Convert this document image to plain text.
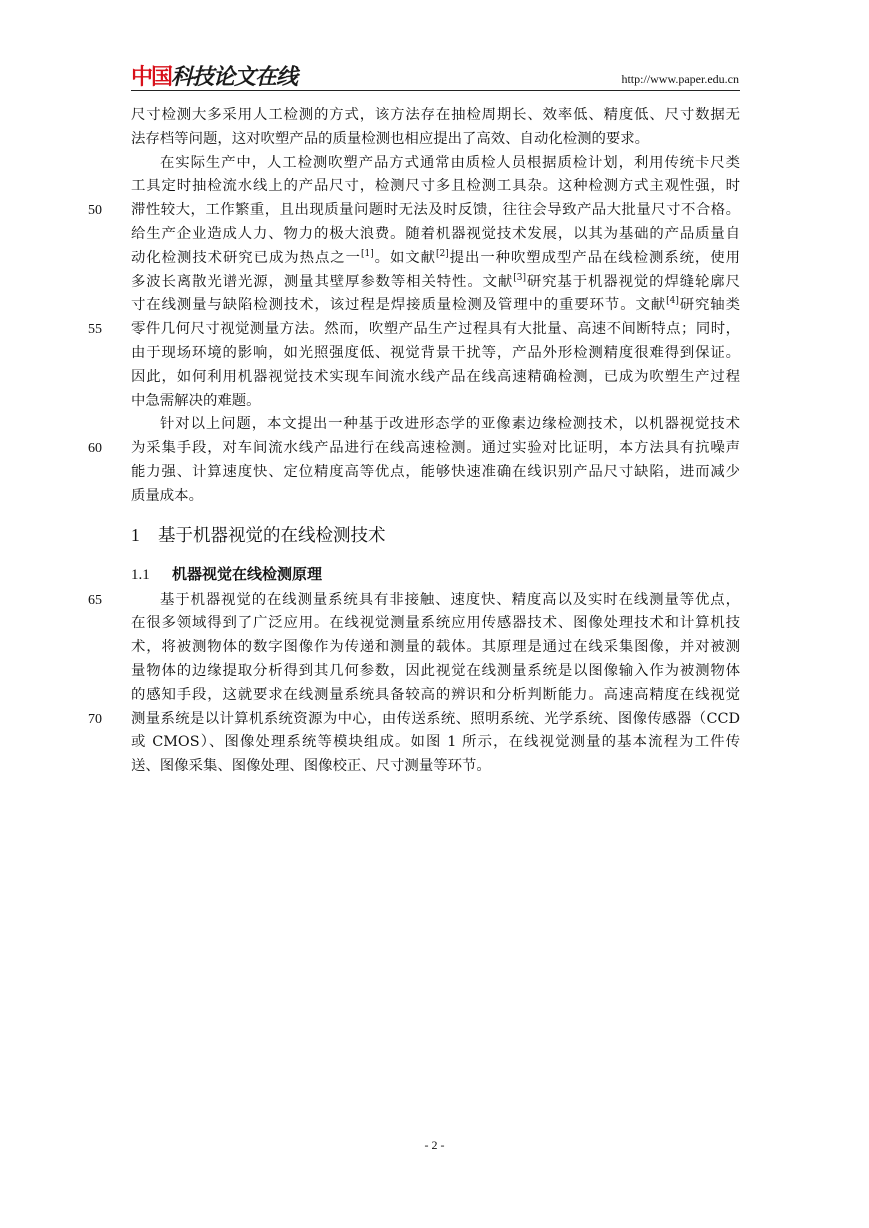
中国 科技论文在线	http://www.paper.edu.cn
尺寸检测大多采用人工检测的方式，该方法存在抽检周期长、效率低、精度低、尺寸数据无
法存档等问题，这对吹塑产品的质量检测也相应提出了高效、自动化检测的要求。
在实际生产中，人工检测吹塑产品方式通常由质检人员根据质检计划，利用传统卡尺类
工具定时抽检流水线上的产品尺寸，检测尺寸多且检测工具杂。这种检测方式主观性强，时
50	滞性较大，工作繁重，且出现质量问题时无法及时反馈，往往会导致产品大批量尺寸不合格。
给生产企业造成人力、物力的极大浪费。随着机器视觉技术发展，以其为基础的产品质量自
动化检测技术研究已成为热点之一[1]。如文献[2]提出一种吹塑成型产品在线检测系统，使用
多波长离散光谱光源，测量其壁厚参数等相关特性。文献[3]研究基于机器视觉的焊缝轮廓尺
寸在线测量与缺陷检测技术，该过程是焊接质量检测及管理中的重要环节。文献[4]研究轴类
55	零件几何尺寸视觉测量方法。然而，吹塑产品生产过程具有大批量、高速不间断特点；同时，
由于现场环境的影响，如光照强度低、视觉背景干扰等，产品外形检测精度很难得到保证。
因此，如何利用机器视觉技术实现车间流水线产品在线高速精确检测，已成为吹塑生产过程
中急需解决的难题。
针对以上问题，本文提出一种基于改进形态学的亚像素边缘检测技术，以机器视觉技术
60	为采集手段，对车间流水线产品进行在线高速检测。通过实验对比证明，本方法具有抗噪声
能力强、计算速度快、定位精度高等优点，能够快速准确在线识别产品尺寸缺陷，进而减少
质量成本。
1 基于机器视觉的在线检测技术
1.1 机器视觉在线检测原理
65	基于机器视觉的在线测量系统具有非接触、速度快、精度高以及实时在线测量等优点，
在很多领域得到了广泛应用。在线视觉测量系统应用传感器技术、图像处理技术和计算机技
术，将被测物体的数字图像作为传递和测量的载体。其原理是通过在线采集图像，并对被测
量物体的边缘提取分析得到其几何参数，因此视觉在线测量系统是以图像输入作为被测物体
的感知手段，这就要求在线测量系统具备较高的辨识和分析判断能力。高速高精度在线视觉
70	测量系统是以计算机系统资源为中心，由传送系统、照明系统、光学系统、图像传感器（CCD
或 CMOS）、图像处理系统等模块组成。如图 1 所示，在线视觉测量的基本流程为工件传
送、图像采集、图像处理、图像校正、尺寸测量等环节。
- 2 -
